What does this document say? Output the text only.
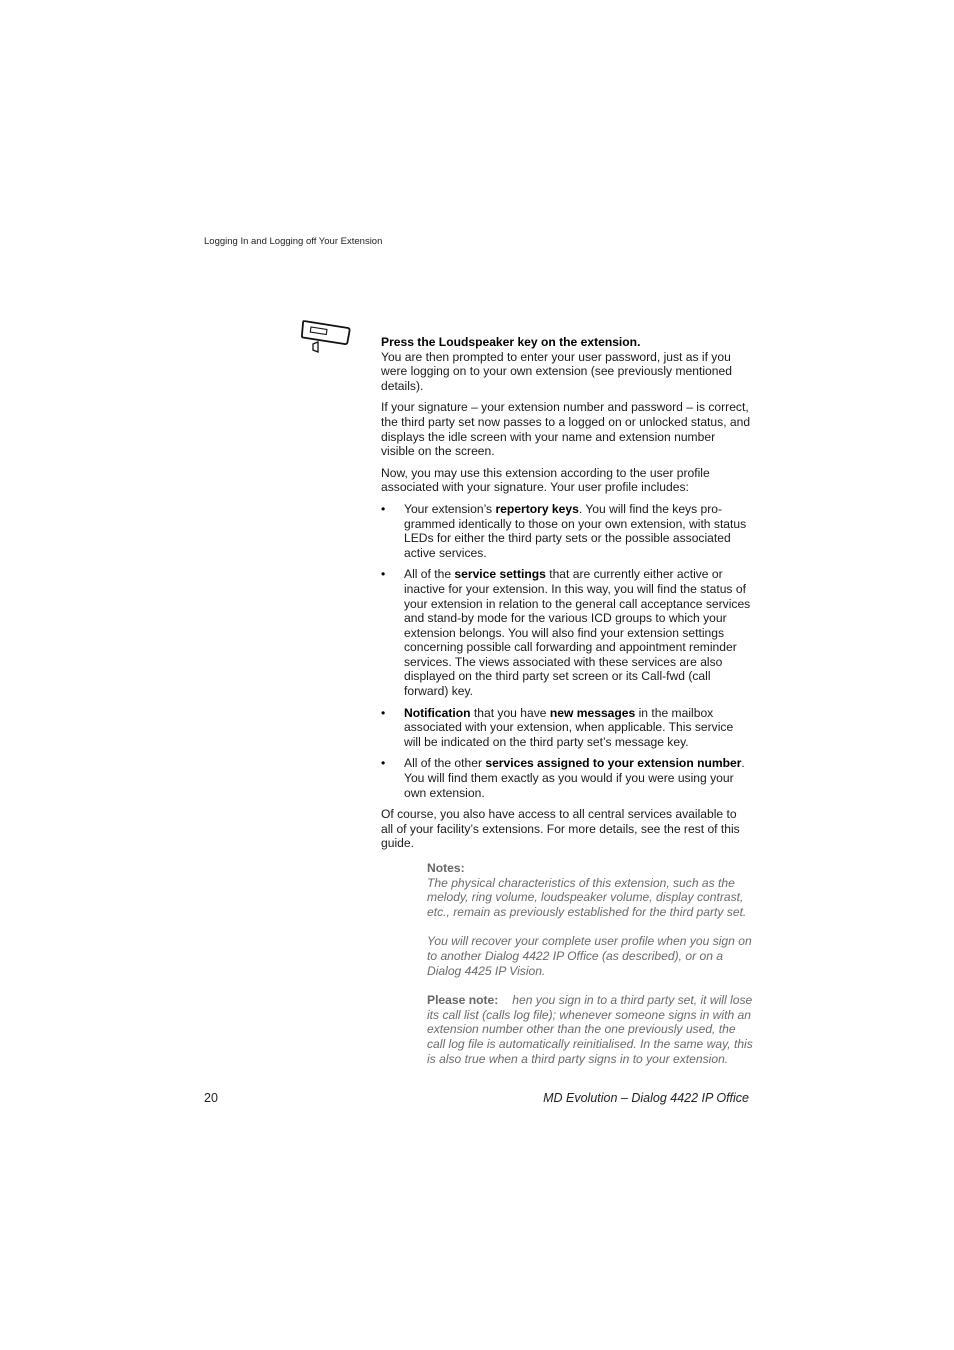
Logging In and Logging off Your Extension

Press the Loudspeaker key on the extension.
You are then prompted to enter your user password, just as if you were logging on to your own extension (see previously mentioned details).

If your signature – your extension number and password – is correct, the third party set now passes to a logged on or unlocked status, and displays the idle screen with your name and extension number visible on the screen.

Now, you may use this extension according to the user profile associated with your signature. Your user profile includes:

• Your extension’s repertory keys. You will find the keys pro-grammed identically to those on your own extension, with status LEDs for either the third party sets or the possible associated active services.
• All of the service settings that are currently either active or inactive for your extension. In this way, you will find the status of your extension in relation to the general call acceptance services and stand-by mode for the various ICD groups to which your extension belongs. You will also find your extension settings concerning possible call forwarding and appointment reminder services. The views associated with these services are also displayed on the third party set screen or its Call-fwd (call forward) key.
• Notification that you have new messages in the mailbox associated with your extension, when applicable. This service will be indicated on the third party set’s message key.
• All of the other services assigned to your extension number. You will find them exactly as you would if you were using your own extension.

Of course, you also have access to all central services available to all of your facility’s extensions. For more details, see the rest of this guide.

Notes:
The physical characteristics of this extension, such as the melody, ring volume, loudspeaker volume, display contrast, etc., remain as previously established for the third party set.

You will recover your complete user profile when you sign on to another Dialog 4422 IP Office (as described), or on a Dialog 4425 IP Vision.

Please note: hen you sign in to a third party set, it will lose its call list (calls log file); whenever someone signs in with an extension number other than the one previously used, the call log file is automatically reinitialised. In the same way, this is also true when a third party signs in to your extension.

20	MD Evolution – Dialog 4422 IP Office
